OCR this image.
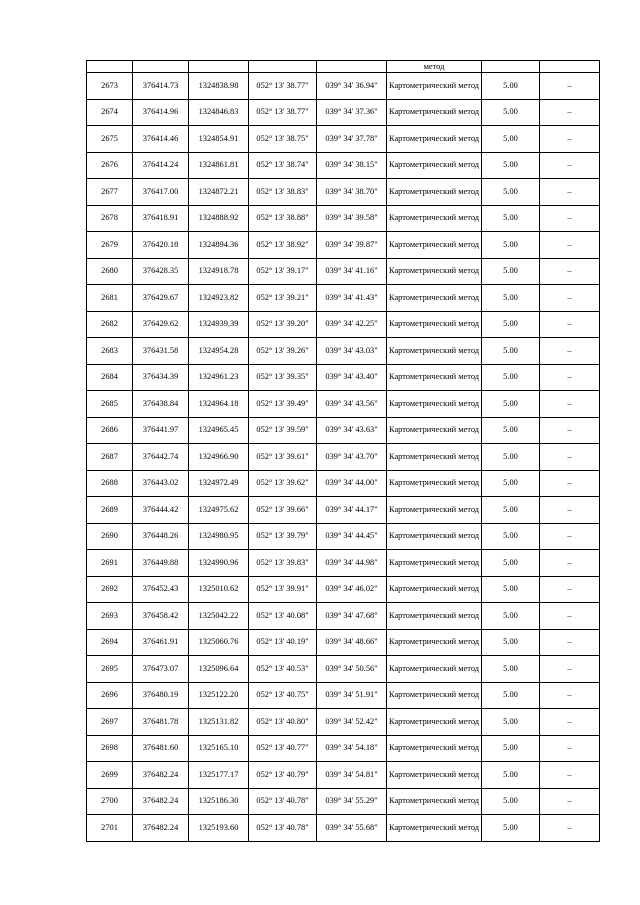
					метод		
2673	376414.73	1324838.98	052° 13' 38.77"	039° 34' 36.94"	Картометрический метод	5.00	–
2674	376414.96	1324846.83	052° 13' 38.77"	039° 34' 37.36"	Картометрический метод	5.00	–
2675	376414.46	1324854.91	052° 13' 38.75"	039° 34' 37.78"	Картометрический метод	5.00	–
2676	376414.24	1324861.81	052° 13' 38.74"	039° 34' 38.15"	Картометрический метод	5.00	–
2677	376417.00	1324872.21	052° 13' 38.83"	039° 34' 38.70"	Картометрический метод	5.00	–
2678	376418.91	1324888.92	052° 13' 38.88"	039° 34' 39.58"	Картометрический метод	5.00	–
2679	376420.18	1324894.36	052° 13' 38.92"	039° 34' 39.87"	Картометрический метод	5.00	–
2680	376428.35	1324918.78	052° 13' 39.17"	039° 34' 41.16"	Картометрический метод	5.00	–
2681	376429.67	1324923.82	052° 13' 39.21"	039° 34' 41.43"	Картометрический метод	5.00	–
2682	376429.62	1324939.39	052° 13' 39.20"	039° 34' 42.25"	Картометрический метод	5.00	–
2683	376431.58	1324954.28	052° 13' 39.26"	039° 34' 43.03"	Картометрический метод	5.00	–
2684	376434.39	1324961.23	052° 13' 39.35"	039° 34' 43.40"	Картометрический метод	5.00	–
2685	376438.84	1324964.18	052° 13' 39.49"	039° 34' 43.56"	Картометрический метод	5.00	–
2686	376441.97	1324965.45	052° 13' 39.59"	039° 34' 43.63"	Картометрический метод	5.00	–
2687	376442.74	1324966.90	052° 13' 39.61"	039° 34' 43.70"	Картометрический метод	5.00	–
2688	376443.02	1324972.49	052° 13' 39.62"	039° 34' 44.00"	Картометрический метод	5.00	–
2689	376444.42	1324975.62	052° 13' 39.66"	039° 34' 44.17"	Картометрический метод	5.00	–
2690	376448.26	1324980.95	052° 13' 39.79"	039° 34' 44.45"	Картометрический метод	5.00	–
2691	376449.88	1324990.96	052° 13' 39.83"	039° 34' 44.98"	Картометрический метод	5.00	–
2692	376452.43	1325010.62	052° 13' 39.91"	039° 34' 46.02"	Картометрический метод	5.00	–
2693	376458.42	1325042.22	052° 13' 40.08"	039° 34' 47.68"	Картометрический метод	5.00	–
2694	376461.91	1325060.76	052° 13' 40.19"	039° 34' 48.66"	Картометрический метод	5.00	–
2695	376473.07	1325096.64	052° 13' 40.53"	039° 34' 50.56"	Картометрический метод	5.00	–
2696	376480.19	1325122.20	052° 13' 40.75"	039° 34' 51.91"	Картометрический метод	5.00	–
2697	376481.78	1325131.82	052° 13' 40.80"	039° 34' 52.42"	Картометрический метод	5.00	–
2698	376481.60	1325165.10	052° 13' 40.77"	039° 34' 54.18"	Картометрический метод	5.00	–
2699	376482.24	1325177.17	052° 13' 40.79"	039° 34' 54.81"	Картометрический метод	5.00	–
2700	376482.24	1325186.30	052° 13' 40.78"	039° 34' 55.29"	Картометрический метод	5.00	–
2701	376482.24	1325193.60	052° 13' 40.78"	039° 34' 55.68"	Картометрический метод	5.00	–
